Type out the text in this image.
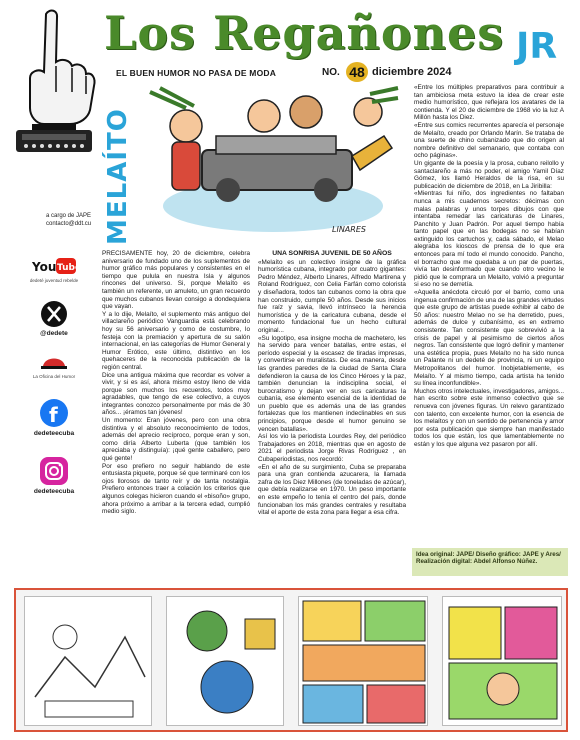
a cargo de JAPE
contacto@ddt.cu
Los Regañones JR
EL BUEN HUMOR NO PASA DE MODA	NO. 48 diciembre 2024
MELAÍTO	LINARES
You Tube
dedeté juventud rebelde
@dedete
La Oficina del Humor
f
dedeteecuba
dedeteecuba

PRECISAMENTE hoy, 20 de diciembre, celebra aniversario de fundado uno de los suplementos de humor gráfico más populares y consistentes en el tiempo que pulula en nuestra Isla y algunos rincones del universo. Si, porque Melaíto es también un referente, un amuleto, un gran recuerdo que muchos cubanos llevan consigo a dondequiera que vayan.

Y a lo dije, Melaíto, el suplemento más antiguo del villaclareño periódico Vanguardia está celebrando hoy su 56 aniversario y como de costumbre, lo festeja con la premiación y apertura de su salón internacional, en las categorías de Humor General y Humor Erótico, este último, distintivo en los quehaceres de la reconocida publicación de la región central.

Dice una antigua máxima que recordar es volver a vivir, y si es así, ahora mismo estoy lleno de vida porque son muchos los recuerdos, todos muy agradables, que tengo de ese colectivo, a cuyos integrantes conozco personalmente por más de 30 años... ¡éramos tan jóvenes!

Un momento: Eran jóvenes, pero con una obra distintiva y el absoluto reconocimiento de todos, además del aprecio recíproco, porque eran y son, como diría Alberto Luberta (que también los apreciaba y distinguía): ¡qué gente caballero, pero qué gente!

Por eso prefiero no seguir hablando de este entusiasta piquete, porque sé que terminaré con los ojos llorosos de tanto reír y de tanta nostalgia. Prefiero entonces traer a colación los criterios que algunos colegas hicieron cuando el «bisoño» grupo, ahora próximo a arribar a la tercera edad, cumplió medio siglo.

UNA SONRISA JUVENIL DE 50 AÑOS

«Melaíto es un colectivo insigne de la gráfica humorística cubana, integrado por cuatro gigantes: Pedro Méndez, Alberto Linares, Alfredo Martirena y Roland Rodríguez, con Celia Farfán como colorista y diseñadora, todos tan cubanos como la obra que han construido, cumple 50 años. Desde sus inicios fue raíz y savia, llevó intrínseco la herencia humorística y de la caricatura cubana, desde el momento fundacional fue un hecho cultural original...

«Su logotipo, esa insigne mocha de machetero, les ha servido para vencer batallas, entre estas, el período especial y la escasez de tiradas impresas, y convertirse en muralistas. De esa manera, desde las grandes paredes de la ciudad de Santa Clara defendieron la causa de los Cinco Héroes y la paz, también denuncian la indisciplina social, el burocratismo y dejan ver en sus caricaturas la cubanía, ese elemento esencial de la identidad de un pueblo que es además una de las grandes fortalezas que los mantienen indeclinables en sus principios, porque desde el humor genuino se vencen batallas».

Así los vio la periodista Lourdes Rey, del periódico Trabajadores en 2018, mientras que en agosto de 2021 el periodista Jorge Rivas Rodríguez , en Cubaperiodistas, nos recordó:

«En el año de su surgimiento, Cuba se preparaba para una gran contienda azucarera, la llamada zafra de los Diez Millones (de toneladas de azúcar), que debía realizarse en 1970. Un peso importante en este empeño lo tenía el centro del país, donde funcionaban los más grandes centrales y resultaba vital el aporte de esta zona para llegar a esa cifra.

«Entre los múltiples preparativos para contribuir a tan ambiciosa meta estuvo la idea de crear este medio humorístico, que reflejara los avatares de la contienda. Y el 20 de diciembre de 1968 vio la luz A Millón hasta los Diez.

«Entre sus comics recurrentes aparecía el personaje de Melaíto, creado por Orlando Marín. Se trataba de una suerte de chino cubanizado que dio origen al nombre definitivo del semanario, que contaba con ocho páginas».

Un gigante de la poesía y la prosa, cubano reilollo y santaclareño a más no poder, el amigo Yamil Díaz Gómez, los llamó Heraldos de la risa, en su publicación de diciembre de 2018, en La Jiribilla:

«Mientras fui niño, dos ingredientes no faltaban nunca a mis cuadernos secretos: décimas con malas palabras y unos torpes dibujos con que intentaba remedar las caricaturas de Linares, Panchito y Juan Padrón. Por aquel tiempo había tanto papel que en las bodegas no se habían extinguido los cartuchos y, cada sábado, el Melao alegraba los kioscos de prensa de lo que era entonces para mí todo el mundo conocido. Pancho, el borracho que me quedaba a un par de puertas, vivía tan desinformado que cuando otro vecino le pidió que le comprara un Melaíto, volvió a preguntar si eso no se derretía.

«Aquella anécdota circuló por el barrio, como una ingenua confirmación de una de las grandes virtudes que este grupo de artistas puede exhibir al cabo de 50 años: nuestro Melao no se ha derretido, pues, además de dulce y cubanísimo, es en extremo consistente. Tan consistente que sobrevivió a la crisis de papel y al pesimismo de ciertos años negros. Tan consistente que logró definir y mantener una estética propia, pues Melaíto no ha sido nunca un Palante ni un dedeté de provincia, ni un equipo Metropolitanos del humor. Inobjetablemente, es Melaíto. Y al mismo tiempo, cada artista ha tenido su línea inconfundible».

Muchos otros intelectuales, investigadores, amigos... han escrito sobre este inmenso colectivo que se renueva con jóvenes figuras. Un relevo garantizado con talento, con excelente humor, con la esencia de los melaítos y con un sentido de pertenencia y amor por esta publicación que siempre han manifestado todos los que están, los que lamentablemente no están y los que alguna vez pasaron por allí.

Idea original: JAPE/ Diseño gráfico: JAPE y Ares/
Realización digital: Abdel Alfonso Núñez.
